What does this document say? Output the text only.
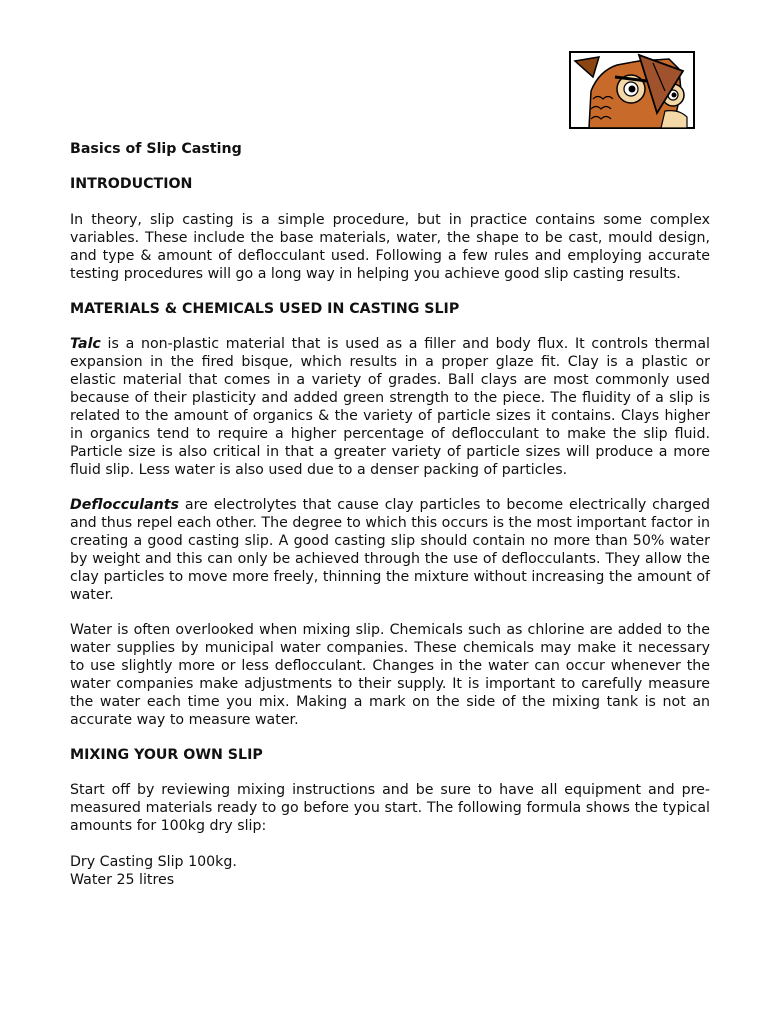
Basics of Slip Casting

INTRODUCTION

In theory, slip casting is a simple procedure, but in practice contains some complex variables. These include the base materials, water, the shape to be cast, mould design, and type & amount of deflocculant used. Following a few rules and employing accurate testing procedures will go a long way in helping you achieve good slip casting results.

MATERIALS & CHEMICALS USED IN CASTING SLIP

Talc is a non-plastic material that is used as a filler and body flux. It controls thermal expansion in the fired bisque, which results in a proper glaze fit. Clay is a plastic or elastic material that comes in a variety of grades. Ball clays are most commonly used because of their plasticity and added green strength to the piece. The fluidity of a slip is related to the amount of organics & the variety of particle sizes it contains. Clays higher in organics tend to require a higher percentage of deflocculant to make the slip fluid. Particle size is also critical in that a greater variety of particle sizes will produce a more fluid slip. Less water is also used due to a denser packing of particles.

Deflocculants are electrolytes that cause clay particles to become electrically charged and thus repel each other. The degree to which this occurs is the most important factor in creating a good casting slip. A good casting slip should contain no more than 50% water by weight and this can only be achieved through the use of deflocculants. They allow the clay particles to move more freely, thinning the mixture without increasing the amount of water.

Water is often overlooked when mixing slip. Chemicals such as chlorine are added to the water supplies by municipal water companies. These chemicals may make it necessary to use slightly more or less deflocculant. Changes in the water can occur whenever the water companies make adjustments to their supply. It is important to carefully measure the water each time you mix. Making a mark on the side of the mixing tank is not an accurate way to measure water.

MIXING YOUR OWN SLIP

Start off by reviewing mixing instructions and be sure to have all equipment and pre-measured materials ready to go before you start. The following formula shows the typical amounts for 100kg dry slip:

Dry Casting Slip 100kg.

Water 25 litres
